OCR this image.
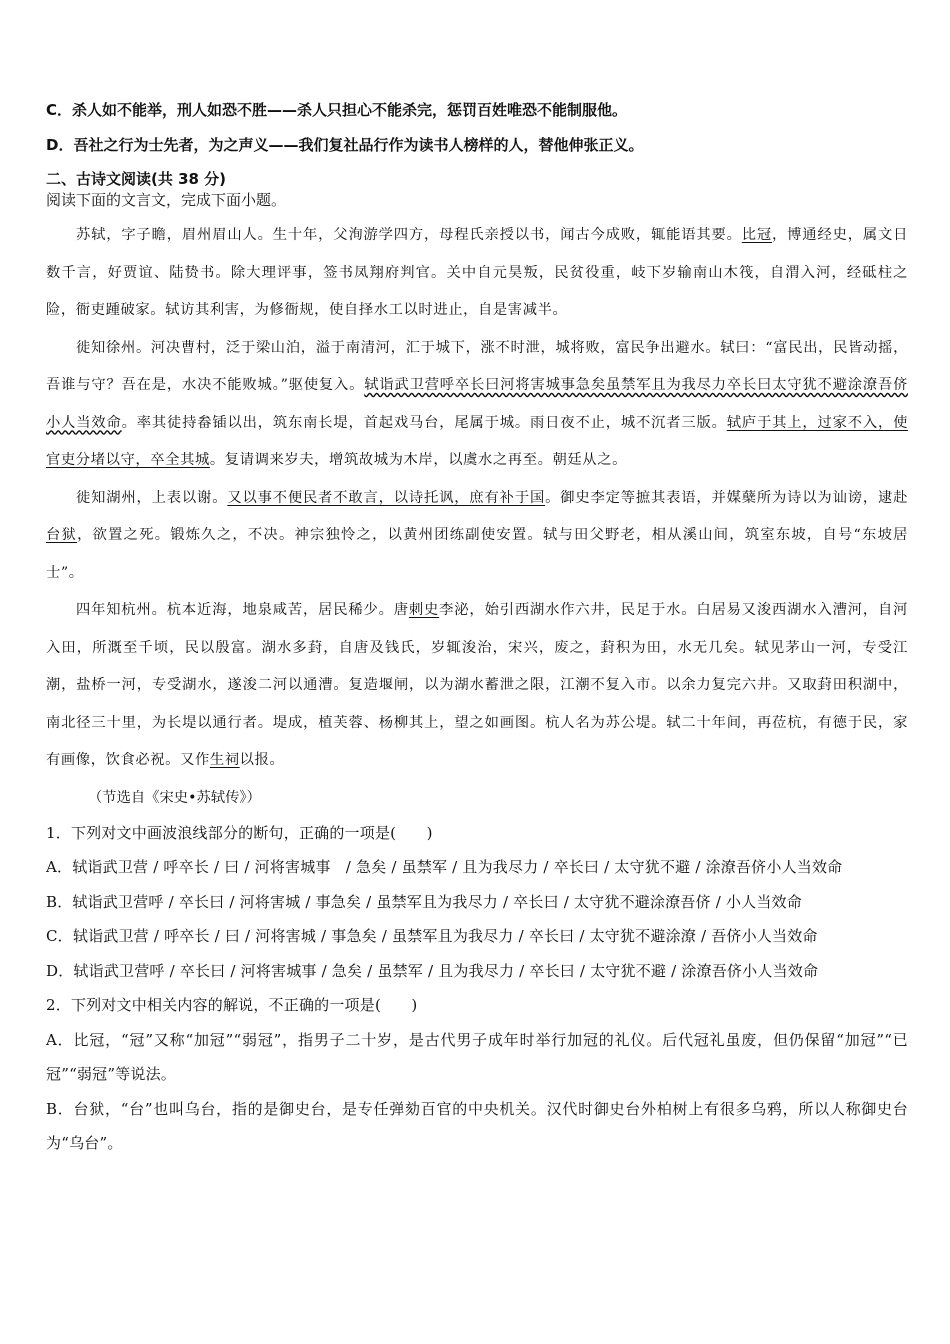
C．杀人如不能举，刑人如恐不胜——杀人只担心不能杀完，惩罚百姓唯恐不能制服他。
D．吾社之行为士先者，为之声义——我们复社品行作为读书人榜样的人，替他伸张正义。
二、古诗文阅读(共 38 分)
阅读下面的文言文，完成下面小题。

苏轼，字子瞻，眉州眉山人。生十年，父洵游学四方，母程氏亲授以书，闻古今成败，辄能语其要。比冠，博通经史，属文日数千言，好贾谊、陆贽书。除大理评事，签书凤翔府判官。关中自元昊叛，民贫役重，岐下岁输南山木筏，自渭入河，经砥柱之险，衙吏踵破家。轼访其利害，为修衙规，使自择水工以时进止，自是害减半。

徙知徐州。河决曹村，泛于梁山泊，溢于南清河，汇于城下，涨不时泄，城将败，富民争出避水。轼曰：“富民出，民皆动摇，吾谁与守？吾在是，水决不能败城。”驱使复入。轼诣武卫营呼卒长曰河将害城事急矣虽禁军且为我尽力卒长曰太守犹不避涂潦吾侪小人当效命。率其徒持畚锸以出，筑东南长堤，首起戏马台，尾属于城。雨日夜不止，城不沉者三版。轼庐于其上，过家不入，使官吏分堵以守，卒全其城。复请调来岁夫，增筑故城为木岸，以虞水之再至。朝廷从之。

徙知湖州，上表以谢。又以事不便民者不敢言，以诗托讽，庶有补于国。御史李定等摭其表语，并媒蘖所为诗以为讪谤，逮赴台狱，欲置之死。锻炼久之，不决。神宗独怜之，以黄州团练副使安置。轼与田父野老，相从溪山间，筑室东坡，自号“东坡居士”。

四年知杭州。杭本近海，地泉咸苦，居民稀少。唐刺史李泌，始引西湖水作六井，民足于水。白居易又浚西湖水入漕河，自河入田，所溉至千顷，民以殷富。湖水多葑，自唐及钱氏，岁辄浚治，宋兴，废之，葑积为田，水无几矣。轼见茅山一河，专受江潮，盐桥一河，专受湖水，遂浚二河以通漕。复造堰闸，以为湖水蓄泄之限，江潮不复入市。以余力复完六井。又取葑田积湖中，南北径三十里，为长堤以通行者。堤成，植芙蓉、杨柳其上，望之如画图。杭人名为苏公堤。轼二十年间，再莅杭，有德于民，家有画像，饮食必祝。又作生祠以报。

（节选自《宋史•苏轼传》）

1．下列对文中画波浪线部分的断句，正确的一项是(　　)

A．轼诣武卫营 / 呼卒长 / 曰 / 河将害城事　/ 急矣 / 虽禁军 / 且为我尽力 / 卒长曰 / 太守犹不避 / 涂潦吾侪小人当效命

B．轼诣武卫营呼 / 卒长曰 / 河将害城 / 事急矣 / 虽禁军且为我尽力 / 卒长曰 / 太守犹不避涂潦吾侪 / 小人当效命

C．轼诣武卫营 / 呼卒长 / 曰 / 河将害城 / 事急矣 / 虽禁军且为我尽力 / 卒长曰 / 太守犹不避涂潦 / 吾侪小人当效命

D．轼诣武卫营呼 / 卒长曰 / 河将害城事 / 急矣 / 虽禁军 / 且为我尽力 / 卒长曰 / 太守犹不避 / 涂潦吾侪小人当效命

2．下列对文中相关内容的解说，不正确的一项是(　　)

A．比冠，“冠”又称“加冠”“弱冠”，指男子二十岁，是古代男子成年时举行加冠的礼仪。后代冠礼虽废，但仍保留“加冠”“已冠”“弱冠”等说法。

B．台狱，“台”也叫乌台，指的是御史台，是专任弹劾百官的中央机关。汉代时御史台外柏树上有很多乌鸦，所以人称御史台为“乌台”。
